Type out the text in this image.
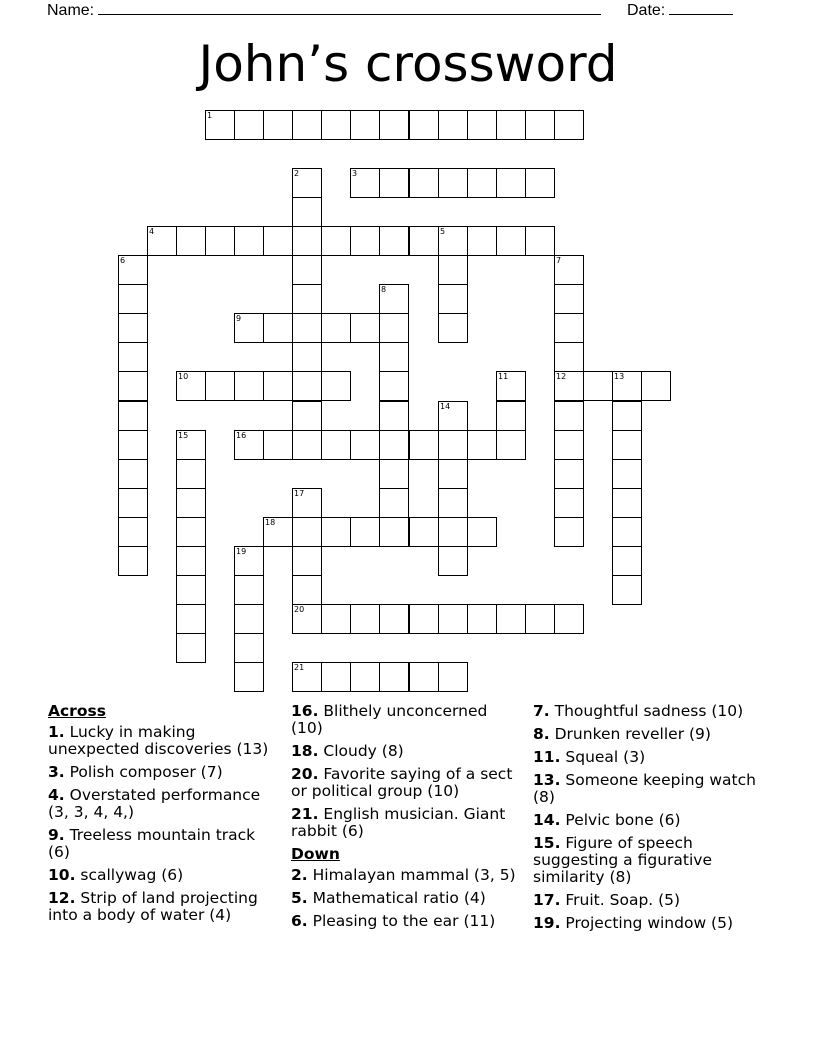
Name:	Date:
John’s crossword
1
2	3
4	5
6	7
12
8
9
10	11	13
14
15	16
17
20
18
19
21
Across
1. Lucky in making unexpected discoveries (13)
3. Polish composer (7)
4. Overstated performance (3, 3, 4, 4,)
9. Treeless mountain track (6)
10. scallywag (6)
12. Strip of land projecting into a body of water (4)
16. Blithely unconcerned (10)
18. Cloudy (8)
20. Favorite saying of a sect or political group (10)
21. English musician. Giant rabbit (6)
Down
2. Himalayan mammal (3, 5)
5. Mathematical ratio (4)
6. Pleasing to the ear (11)
7. Thoughtful sadness (10)
8. Drunken reveller (9)
11. Squeal (3)
13. Someone keeping watch (8)
14. Pelvic bone (6)
15. Figure of speech suggesting a figurative similarity (8)
17. Fruit. Soap. (5)
19. Projecting window (5)
